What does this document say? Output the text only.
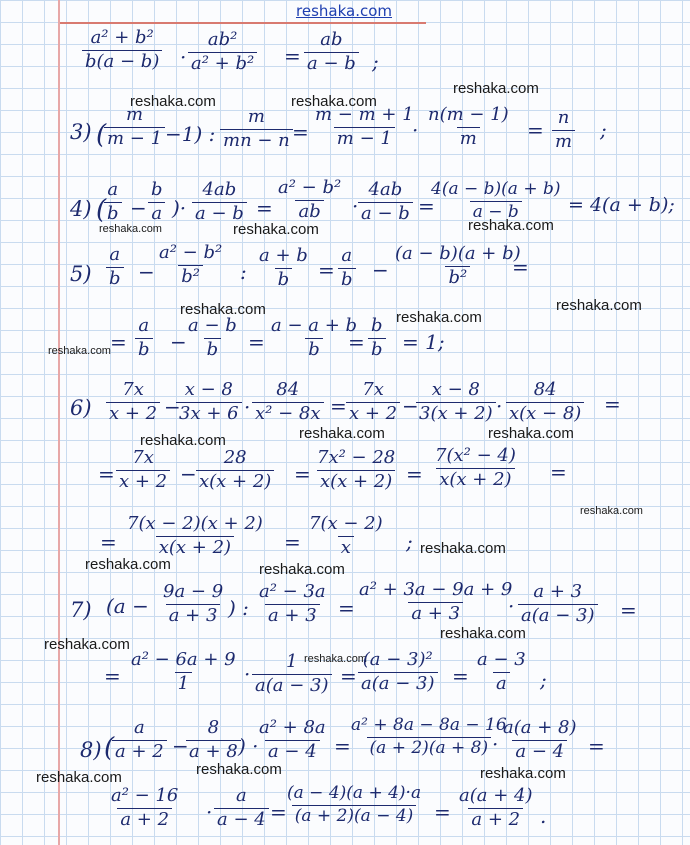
reshaka.com
reshaka.com
reshaka.com	reshaka.com
reshaka.com	reshaka.com	reshaka.com
reshaka.com	reshaka.com
reshaka.com
reshaka.com
reshaka.com	reshaka.com	reshaka.com
reshaka.com
reshaka.com
reshaka.com	reshaka.com
reshaka.com
reshaka.com
reshaka.com
reshaka.com	reshaka.com	reshaka.com
$\frac{\text{a² + b²}}{b(a - b)} \cdot \frac{\text{ab²}}{\text{a² + b²}} = \frac{ab}{a - b}$ ;
3) (
$\frac{m}{m - 1} -1$) : $\frac{m}{mn - n} = \frac{m - m + 1}{m - 1}$
· $\frac{n(m - 1)}{m} = \frac{n}{m}$ ;
4) (
$\frac{a}{b} - \frac{b}{a}$ )· $\frac{4ab}{a - b} = \frac{\text{a² − b²}}{ab} \cdot \frac{4ab}{a - b}$ =
$\frac{4(a - b)(a + b)}{a - b} = 4(a + b)$;
$5) \frac{a}{b} - \frac{\text{a² − b²}}{\text{b²}}$ : $\frac{a + b}{b} = \frac{a}{b} - \frac{(a - b)(a + b)}{\text{b²}}$
=
= $\frac{a}{b}$ −
$\frac{a - b}{b} = \frac{a - a + b}{b}$
= $\frac{b}{b} = 1$;
$6) \frac{7x}{x + 2}$ −
$\frac{x - 8}{3x + 6} \cdot \frac{84}{\text{x² − 8x}} = \frac{7x}{x + 2}$ −
$\frac{x - 8}{3(x + 2)} \cdot \frac{84}{x(x - 8)}$ =
= $\frac{7x}{x + 2} - \frac{28}{x(x + 2)} = \frac{\text{7x² − 28}}{x(x + 2)} = \frac{\text{7(x² − 4)}}{x(x + 2)}$ =
= $\frac{7(x - 2)(x + 2)}{x(x + 2)} = \frac{7(x - 2)}{x}$ ;
7) ($a - \frac{9a - 9}{a + 3}$ ) : $\frac{\text{a² − 3a}}{a + 3} = \frac{\text{a² + 3a − 9a + 9}}{a + 3}$
· $\frac{a + 3}{a(a - 3)}$ =
= $\frac{\text{a² − 6a + 9}}{1} \cdot \frac{1}{a(a - 3)} = \frac{\text{(a − 3)²}}{a(a - 3)} = \frac{a - 3}{a}$ ;
8) (
$\frac{a}{a + 2}$ −
$\frac{8}{a + 8}$
) ·
$\frac{\text{a² + 8a}}{a - 4}$ =
$\frac{\text{a² + 8a − 8a − 16}}{(a + 2)(a + 8)}$
· $\frac{a(a + 8)}{a - 4}$ =
$\frac{\text{a² − 16}}{a + 2} \cdot \frac{a}{a - 4}$ =
$\frac{(a - 4)(a + 4)\cdot a}{(a + 2)(a - 4)} = \frac{a(a + 4)}{a + 2}$ .
